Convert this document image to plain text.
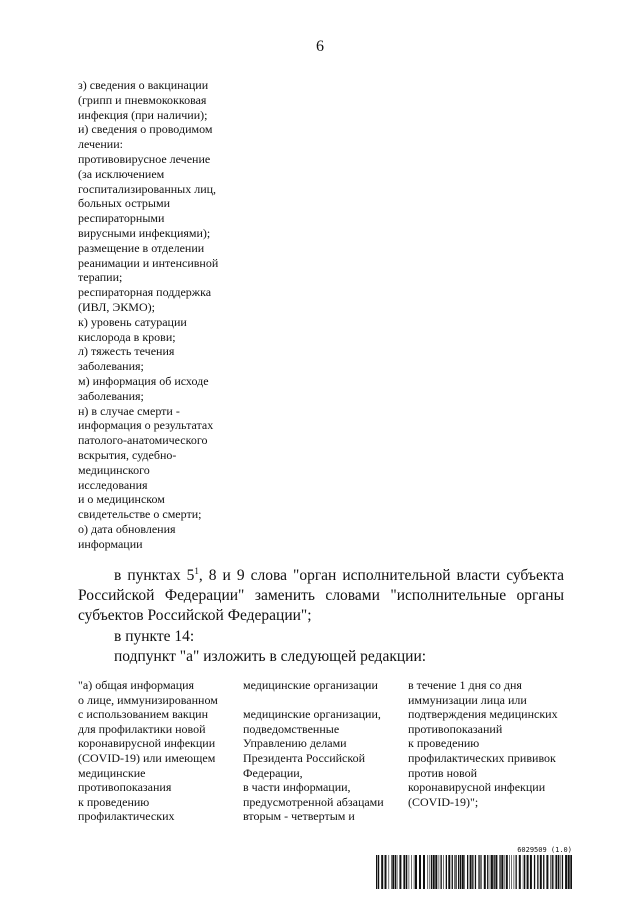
6
з) сведения о вакцинации
(грипп и пневмококковая
инфекция (при наличии);
и) сведения о проводимом
лечении:
противовирусное лечение
(за исключением
госпитализированных лиц,
больных острыми
респираторными
вирусными инфекциями);
размещение в отделении
реанимации и интенсивной
терапии;
респираторная поддержка
(ИВЛ, ЭКМО);
к) уровень сатурации
кислорода в крови;
л) тяжесть течения
заболевания;
м) информация об исходе
заболевания;
н) в случае смерти -
информация о результатах
патолого-анатомического
вскрытия, судебно-
медицинского
исследования
и о медицинском
свидетельстве о смерти;
о) дата обновления
информации
в пунктах $5^1$, 8 и 9 слова "орган исполнительной власти субъекта Российской Федерации" заменить словами "исполнительные органы субъектов Российской Федерации";
в пункте 14:
подпункт "а" изложить в следующей редакции:
"а) общая информация
о лице, иммунизированном
с использованием вакцин
для профилактики новой
коронавирусной инфекции
(COVID-19) или имеющем
медицинские
противопоказания
к проведению
профилактических
медицинские организации

медицинские организации,
подведомственные
Управлению делами
Президента Российской
Федерации,
в части информации,
предусмотренной абзацами
вторым - четвертым и
в течение 1 дня со дня
иммунизации лица или
подтверждения медицинских
противопоказаний
к проведению
профилактических прививок
против новой
коронавирусной инфекции
(COVID-19)";
6029509 (1.0)
